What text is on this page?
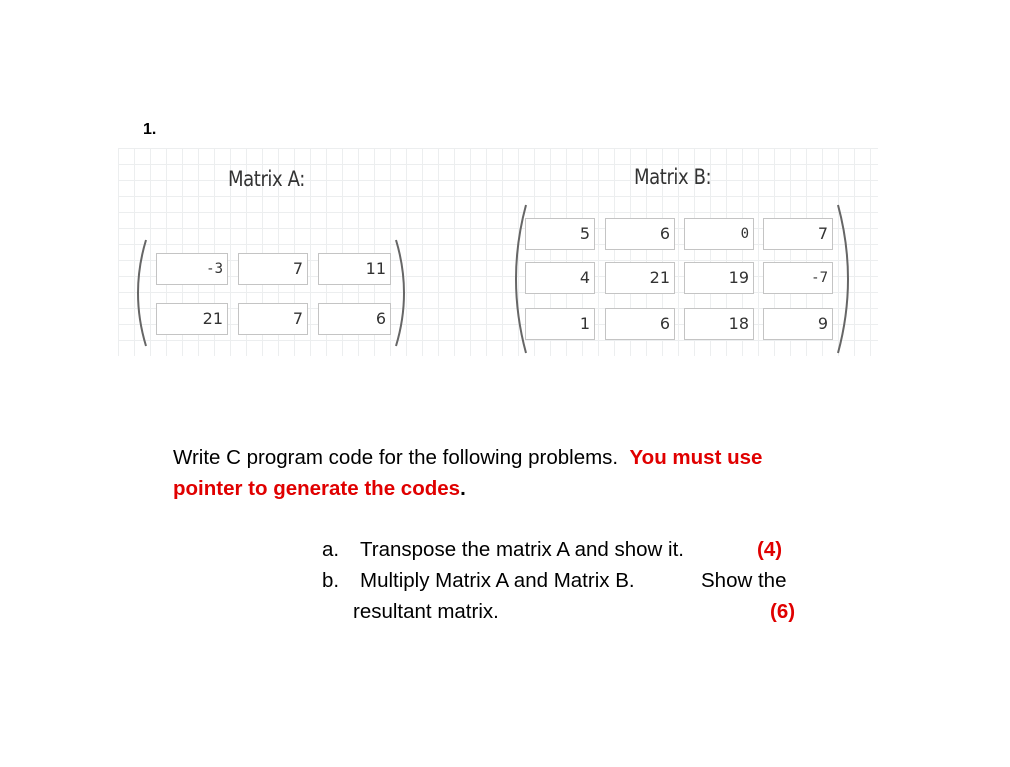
1.
Matrix A:
-3	7	11
21	7	6
Matrix B:
5	6	0	7
4	21	19	-7
1	6	18	9
Write C program code for the following problems. You must use
pointer to generate the codes.
a. Transpose the matrix A and show it.	(4)
b. Multiply Matrix A and Matrix B.	Show the
resultant matrix.	(6)
